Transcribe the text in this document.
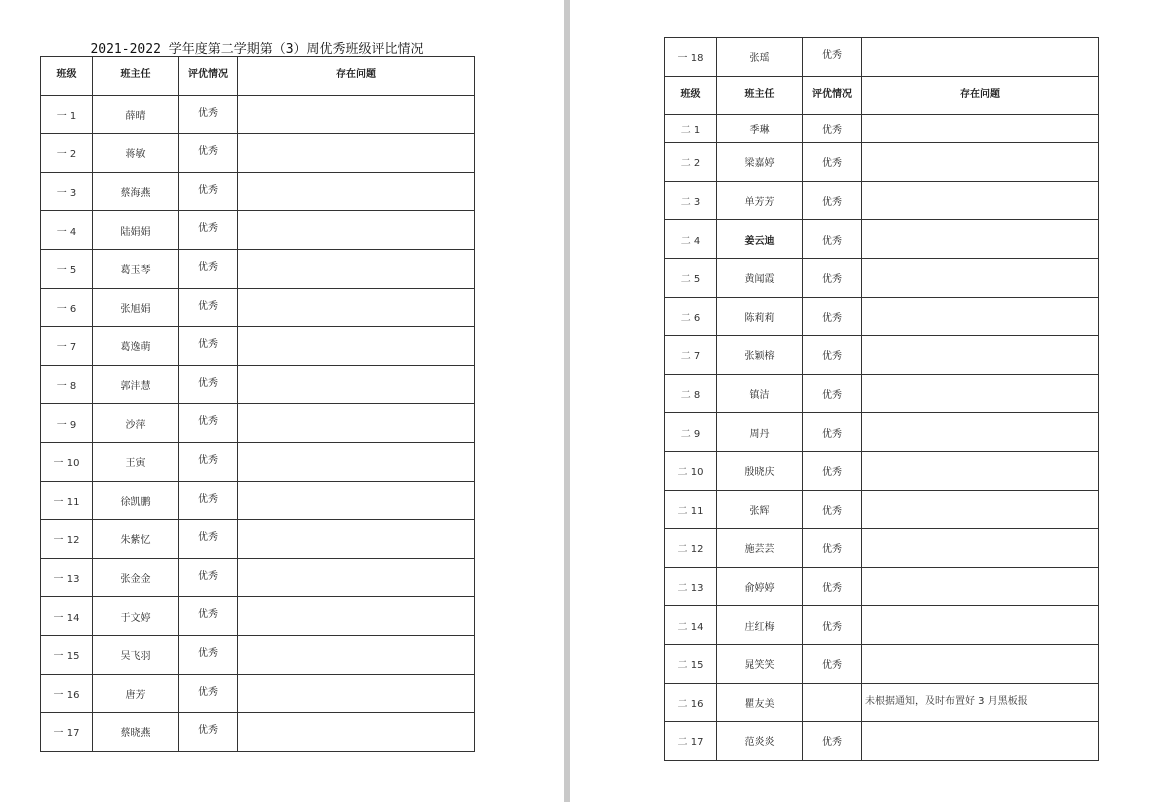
2021-2022 学年度第二学期第（3）周优秀班级评比情况
班级	班主任	评优情况	存在问题
一 1	薛晴	优秀	
一 2	蒋敏	优秀	
一 3	蔡海燕	优秀	
一 4	陆娟娟	优秀	
一 5	葛玉琴	优秀	
一 6	张旭娟	优秀	
一 7	葛逸萌	优秀	
一 8	郭沣慧	优秀	
一 9	沙萍	优秀	
一 10	王寅	优秀	
一 11	徐凯鹏	优秀	
一 12	朱紫忆	优秀	
一 13	张金金	优秀	
一 14	于文婷	优秀	
一 15	吴飞羽	优秀	
一 16	唐芳	优秀	
一 17	蔡晓燕	优秀	
一 18	张瑶	优秀	
班级	班主任	评优情况	存在问题
二 1	季琳	优秀	
二 2	梁嘉婷	优秀	
二 3	单芳芳	优秀	
二 4	姜云迪	优秀	
二 5	黄闻霞	优秀	
二 6	陈莉莉	优秀	
二 7	张颖榕	优秀	
二 8	镇洁	优秀	
二 9	周丹	优秀	
二 10	殷晓庆	优秀	
二 11	张辉	优秀	
二 12	施芸芸	优秀	
二 13	俞婷婷	优秀	
二 14	庄红梅	优秀	
二 15	晁笑笑	优秀	
二 16	瞿友美		未根据通知，及时布置好 3 月黑板报
二 17	范炎炎	优秀	
